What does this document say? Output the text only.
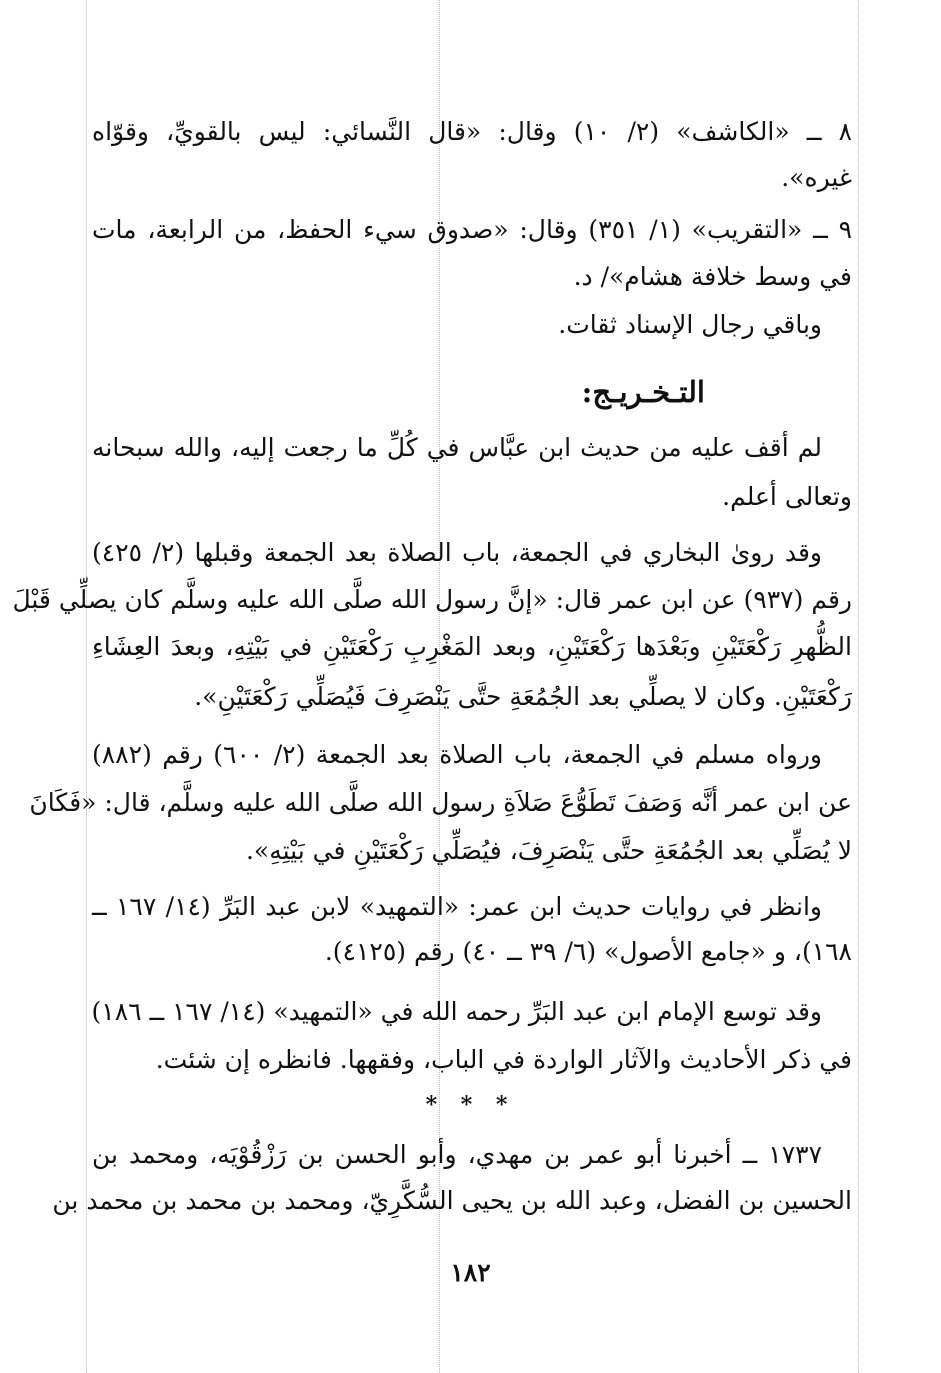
٨ ــ «الكاشف» (٢/ ١٠) وقال: «قال النَّسائي: ليس بالقويِّ، وقوّاه
غيره».
٩ ــ «التقريب» (١/ ٣٥١) وقال: «صدوق سيء الحفظ، من الرابعة، مات
في وسط خلافة هشام»/ د.
وباقي رجال الإسناد ثقات.
التـخـريـج:
لم أقف عليه من حديث ابن عبَّاس في كُلِّ ما رجعت إليه، والله سبحانه
وتعالى أعلم.
وقد روىٰ البخاري في الجمعة، باب الصلاة بعد الجمعة وقبلها (٢/ ٤٢٥)
رقم (٩٣٧) عن ابن عمر قال: «إنَّ رسول الله صلَّى الله عليه وسلَّم كان يصلِّي قَبْلَ
الظُّهرِ رَكْعَتَيْنِ وبَعْدَها رَكْعَتَيْنِ، وبعد المَغْرِبِ رَكْعَتَيْنِ في بَيْتِهِ، وبعدَ العِشَاءِ
رَكْعَتَيْنِ. وكان لا يصلِّي بعد الجُمُعَةِ حتَّى يَنْصَرِفَ فَيُصَلِّي رَكْعَتَيْنِ».
ورواه مسلم في الجمعة، باب الصلاة بعد الجمعة (٢/ ٦٠٠) رقم (٨٨٢)
عن ابن عمر أنَّه وَصَفَ تَطَوُّعَ صَلاَةِ رسول الله صلَّى الله عليه وسلَّم، قال: «فَكَانَ
لا يُصَلِّي بعد الجُمُعَةِ حتَّى يَنْصَرِفَ، فيُصَلِّي رَكْعَتَيْنِ في بَيْتِهِ».
وانظر في روايات حديث ابن عمر: «التمهيد» لابن عبد البَرِّ (١٤/ ١٦٧ ــ
١٦٨)، و «جامع الأصول» (٦/ ٣٩ ــ ٤٠) رقم (٤١٢٥).
وقد توسع الإمام ابن عبد البَرِّ رحمه الله في «التمهيد» (١٤/ ١٦٧ ــ ١٨٦)
في ذكر الأحاديث والآثار الواردة في الباب، وفقهها. فانظره إن شئت.
* * *
١٧٣٧ ــ أخبرنا أبو عمر بن مهدي، وأبو الحسن بن رَزْقُوْيَه، ومحمد بن
الحسين بن الفضل، وعبد الله بن يحيى السُّكَّرِيّ، ومحمد بن محمد بن محمد بن
١٨٢
